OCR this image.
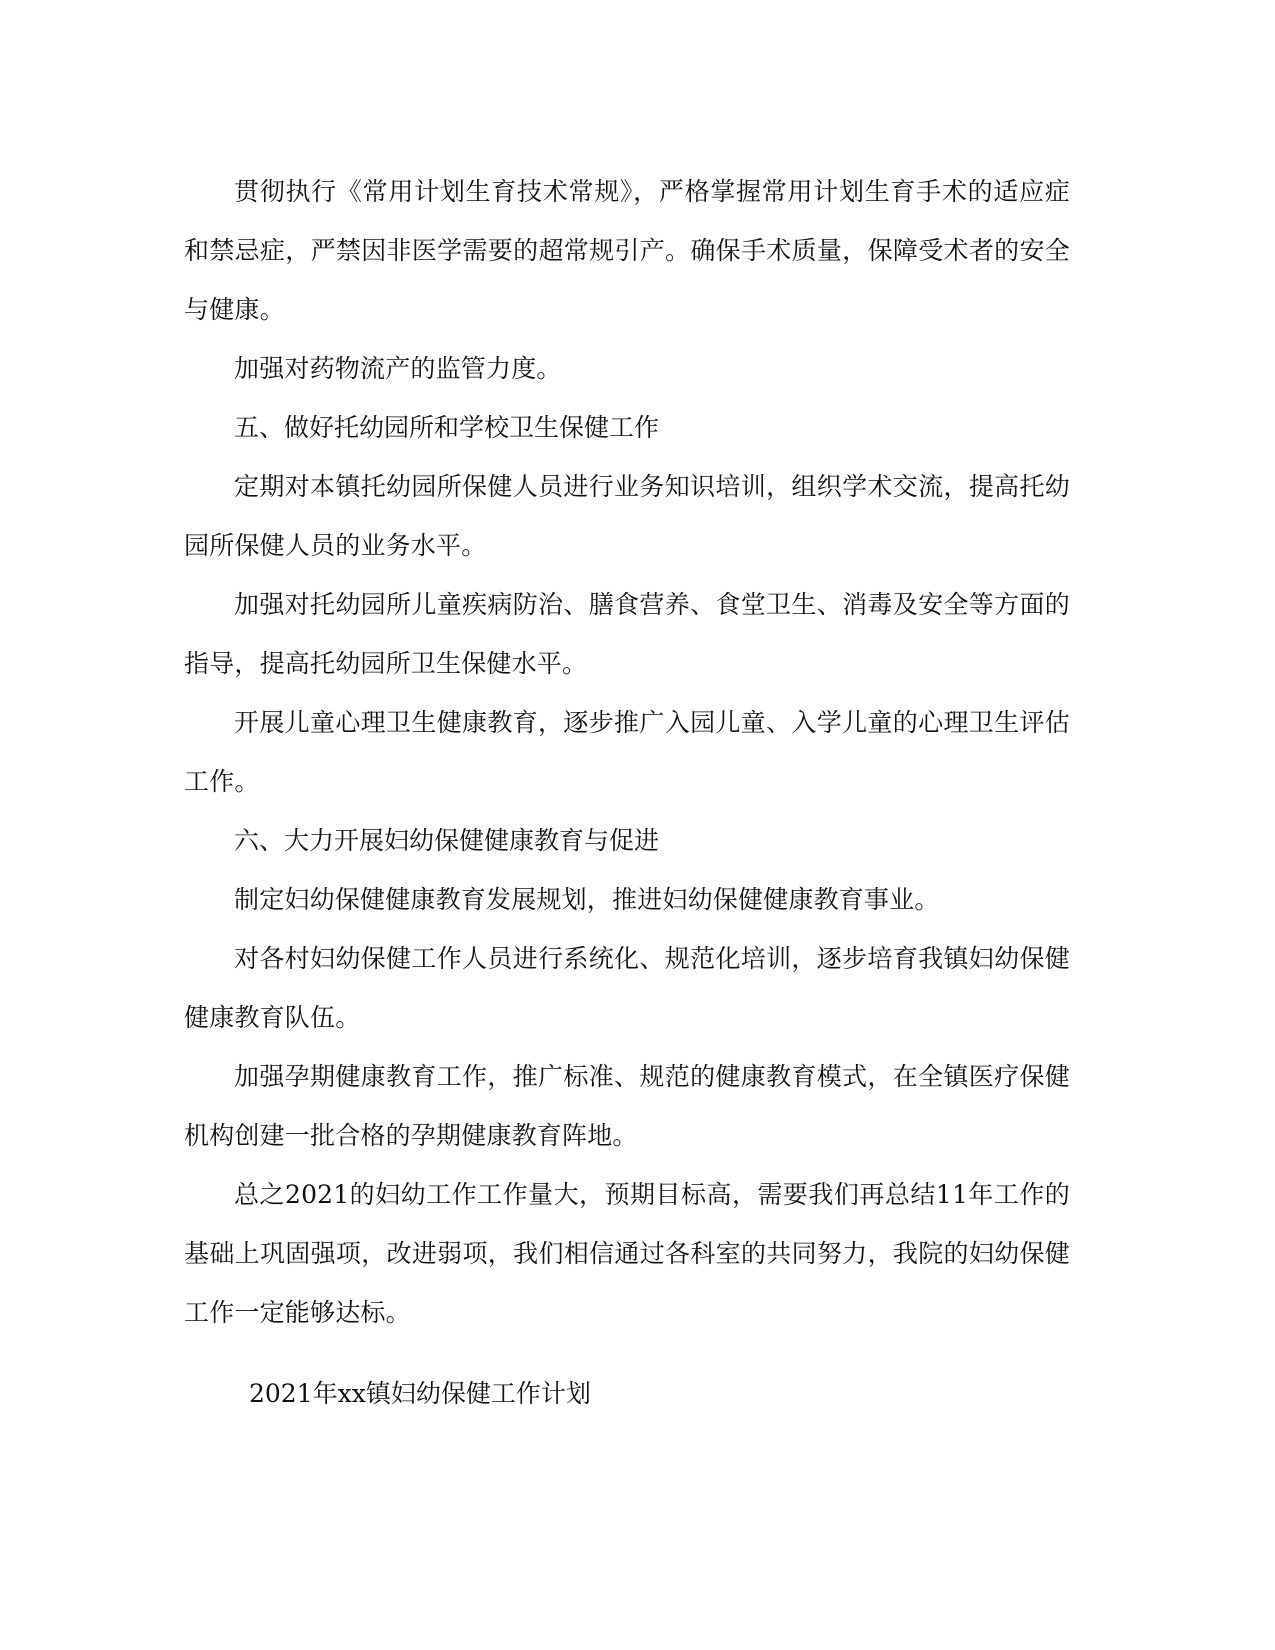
贯彻执行《常用计划生育技术常规》，严格掌握常用计划生育手术的适应症和禁忌症，严禁因非医学需要的超常规引产。确保手术质量，保障受术者的安全与健康。

加强对药物流产的监管力度。

五、做好托幼园所和学校卫生保健工作

定期对本镇托幼园所保健人员进行业务知识培训，组织学术交流，提高托幼园所保健人员的业务水平。

加强对托幼园所儿童疾病防治、膳食营养、食堂卫生、消毒及安全等方面的指导，提高托幼园所卫生保健水平。

开展儿童心理卫生健康教育，逐步推广入园儿童、入学儿童的心理卫生评估工作。

六、大力开展妇幼保健健康教育与促进

制定妇幼保健健康教育发展规划，推进妇幼保健健康教育事业。

对各村妇幼保健工作人员进行系统化、规范化培训，逐步培育我镇妇幼保健健康教育队伍。

加强孕期健康教育工作，推广标准、规范的健康教育模式，在全镇医疗保健机构创建一批合格的孕期健康教育阵地。

总之2021的妇幼工作工作量大，预期目标高，需要我们再总结11年工作的基础上巩固强项，改进弱项，我们相信通过各科室的共同努力，我院的妇幼保健工作一定能够达标。

2021年xx镇妇幼保健工作计划
